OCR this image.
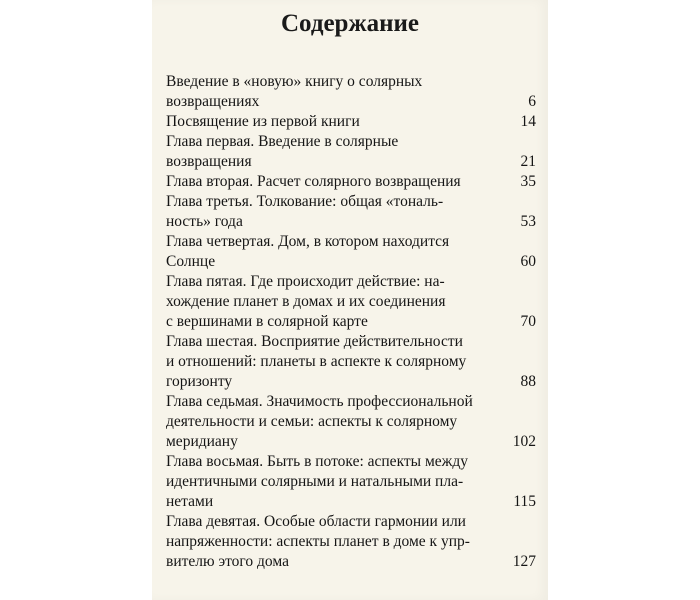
Содержание
Введение в «новую» книгу о солярных
возвращениях	6
Посвящение из первой книги	14
Глава первая. Введение в солярные
возвращения	21
Глава вторая. Расчет солярного возвращения	35
Глава третья. Толкование: общая «тональ-
ность» года	53
Глава четвертая. Дом, в котором находится
Солнце	60
Глава пятая. Где происходит действие: на-
хождение планет в домах и их соединения
с вершинами в солярной карте	70
Глава шестая. Восприятие действительности
и отношений: планеты в аспекте к солярному
горизонту	88
Глава седьмая. Значимость профессиональной
деятельности и семьи: аспекты к солярному
меридиану	102
Глава восьмая. Быть в потоке: аспекты между
идентичными солярными и натальными пла-
нетами	115
Глава девятая. Особые области гармонии или
напряженности: аспекты планет в доме к упр-
вителю этого дома	127
